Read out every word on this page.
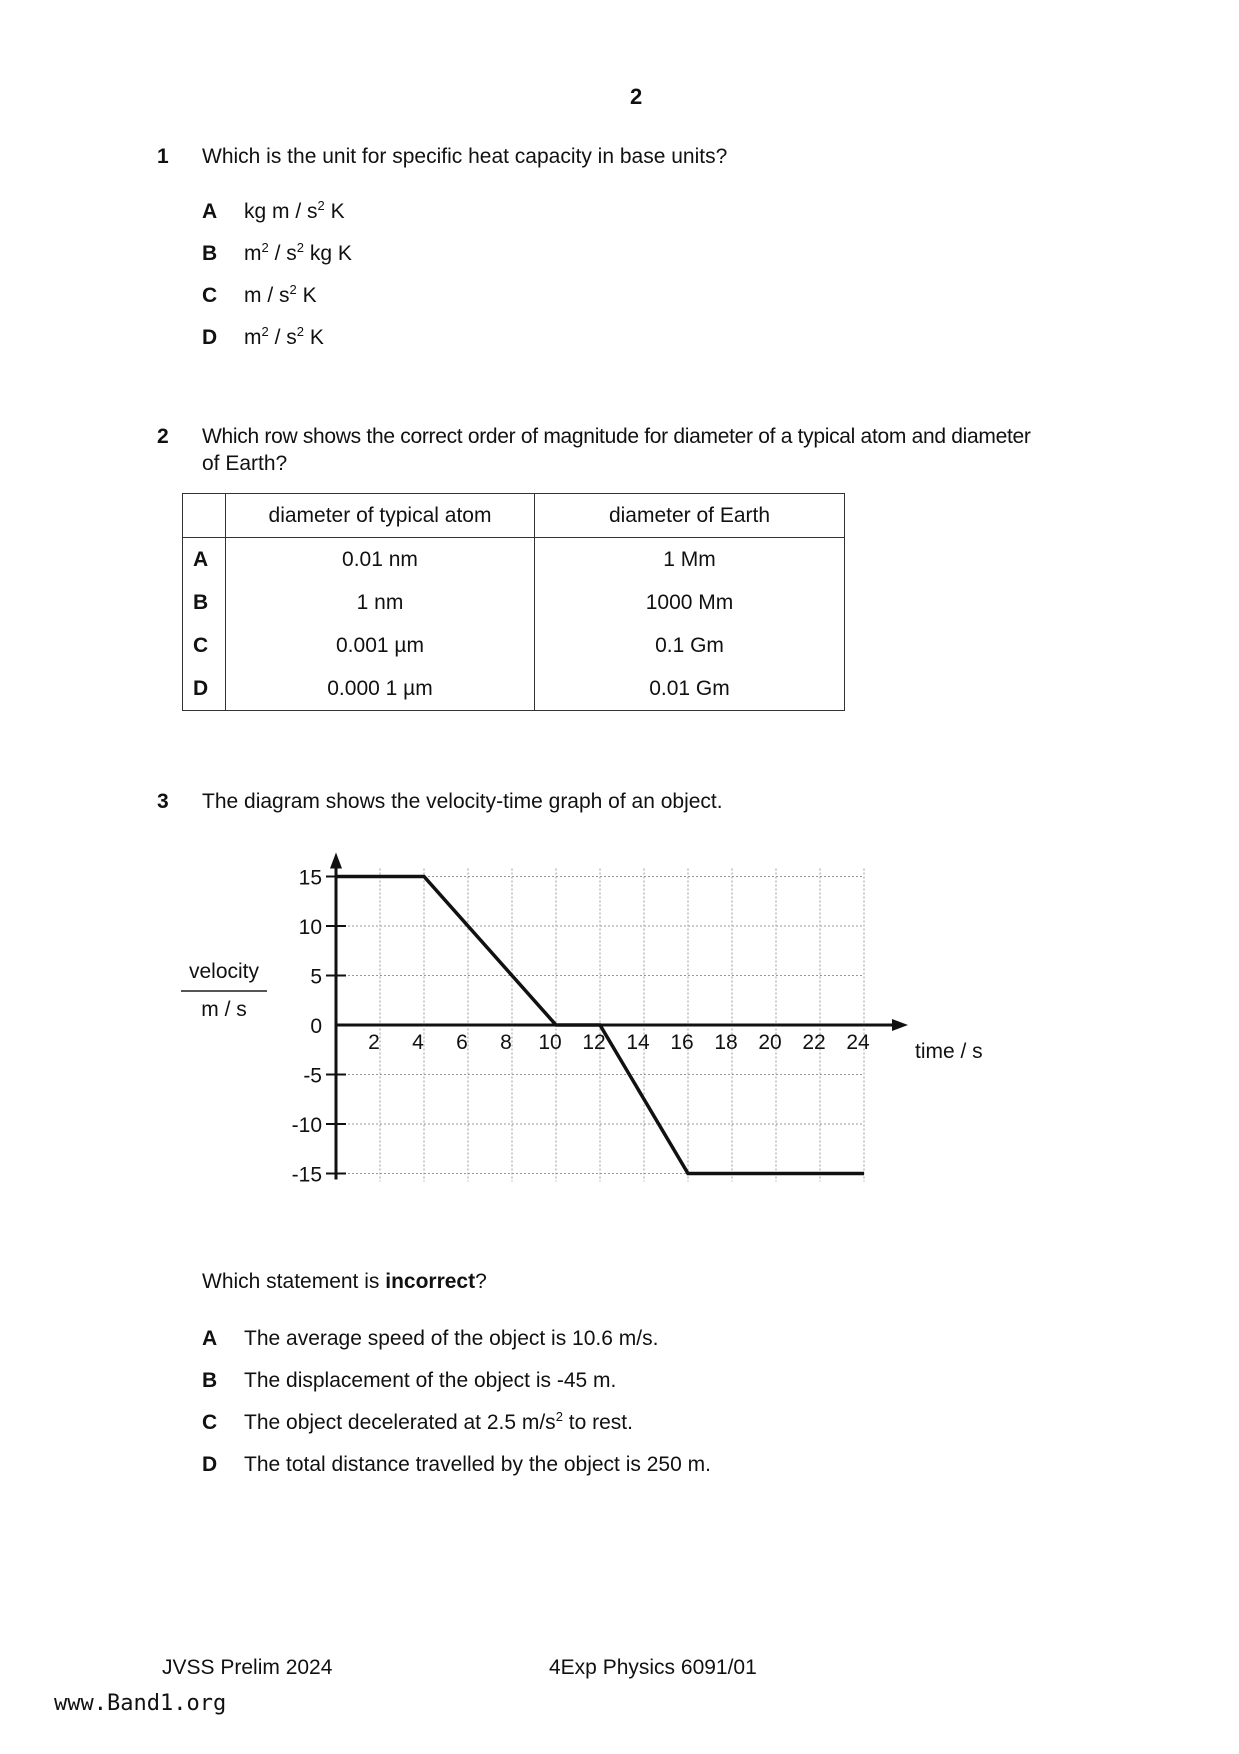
2
1 Which is the unit for specific heat capacity in base units?
A kg m / $s^2$ K
B $m^2 / s^2$ kg K
C m / $s^2$ K
D $m^2 / s^2$ K
2 Which row shows the correct order of magnitude for diameter of a typical atom and diameter
of Earth?
	diameter of typical atom	diameter of Earth
A	0.01 nm	1 Mm
B	1 nm	1000 Mm
C	0.001 µm	0.1 Gm
D	0.000 1 µm	0.01 Gm
3 The diagram shows the velocity-time graph of an object.
velocity
m / s
15
10
5
0
-5
-10
-15
2 4 6 8 10 12 14 16 18 20 22 24 time / s
Which statement is incorrect?
A The average speed of the object is 10.6 m/s.
B The displacement of the object is -45 m.
C The object decelerated at 2.5 $m/s^2$ to rest.
D The total distance travelled by the object is 250 m.
JVSS Prelim 2024	4Exp Physics 6091/01
www.Band1.org
